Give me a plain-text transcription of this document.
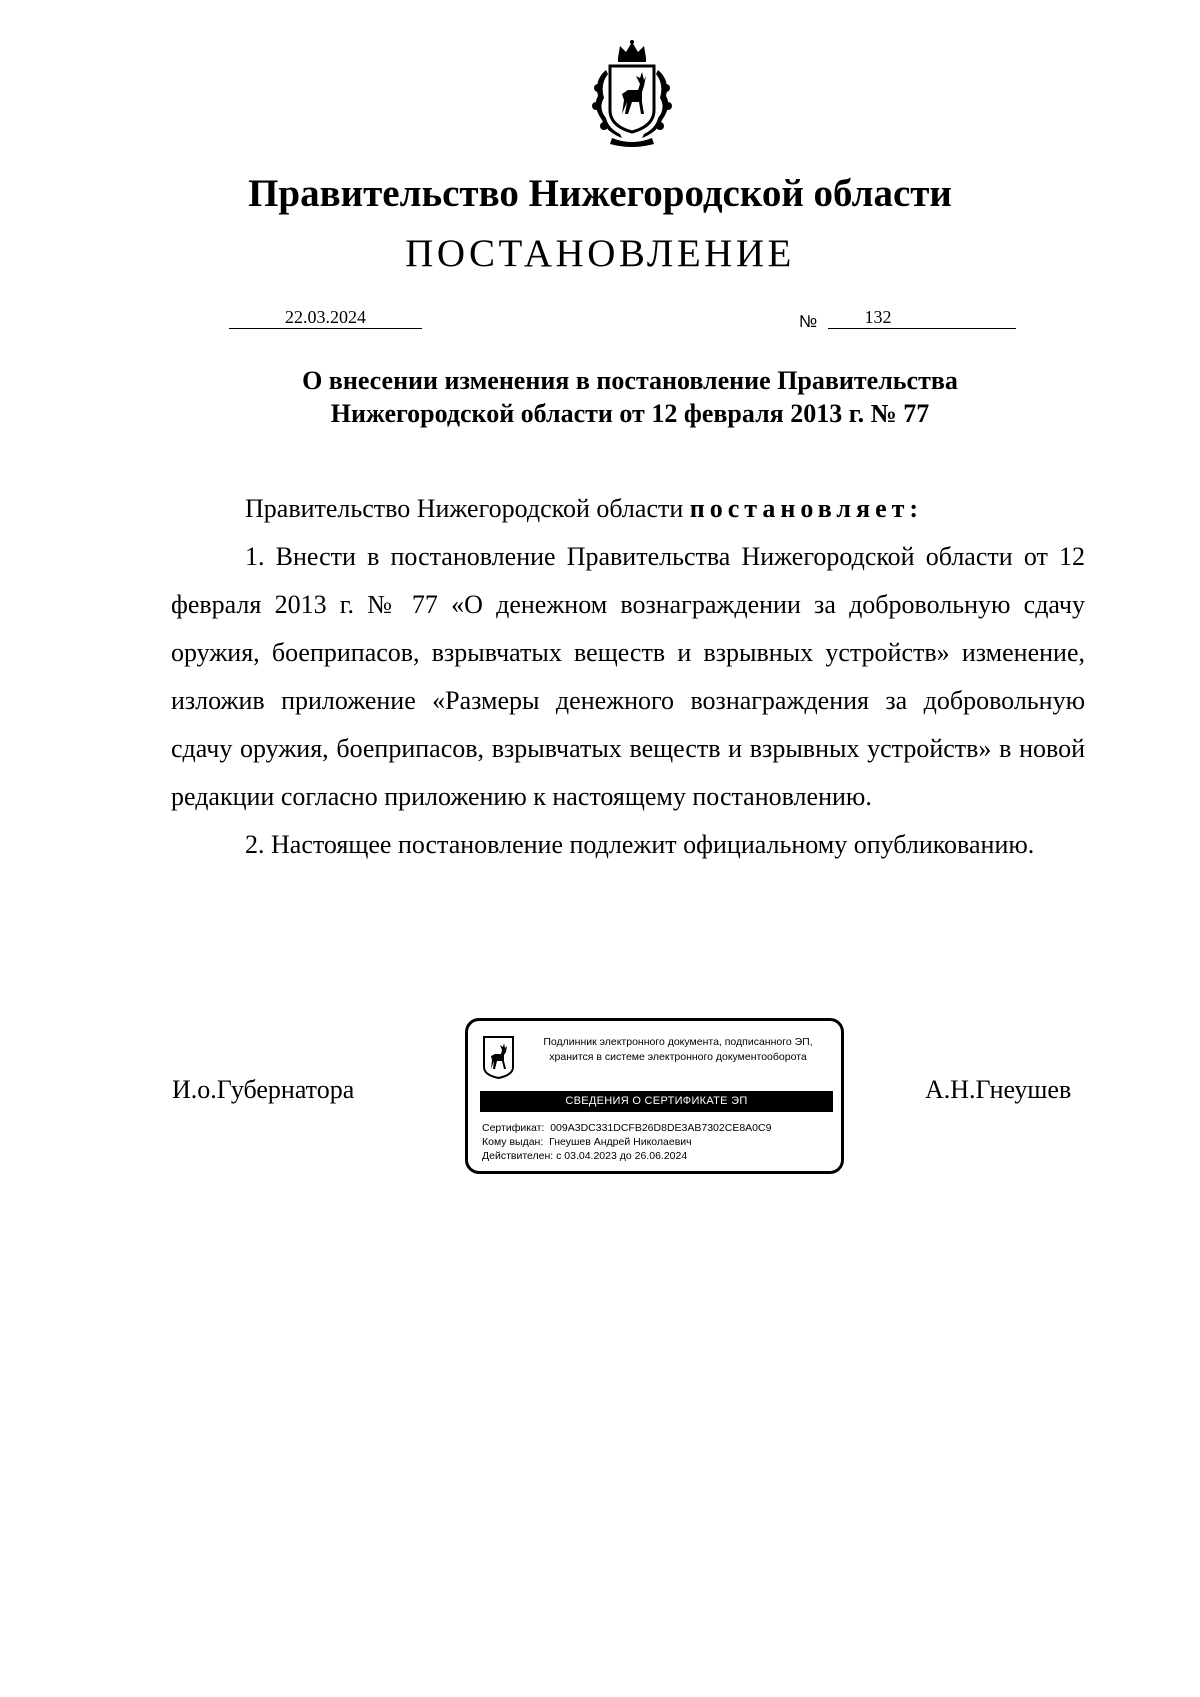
Правительство Нижегородской области
ПОСТАНОВЛЕНИЕ
22.03.2024	№	132
О внесении изменения в постановление Правительства
Нижегородской области от 12 февраля 2013 г. № 77

Правительство Нижегородской области постановляет:

1. Внести в постановление Правительства Нижегородской области от 12 февраля 2013 г. № 77 «О денежном вознаграждении за добровольную сдачу оружия, боеприпасов, взрывчатых веществ и взрывных устройств» изменение, изложив приложение «Размеры денежного вознаграждения за добровольную сдачу оружия, боеприпасов, взрывчатых веществ и взрывных устройств» в новой редакции согласно приложению к настоящему постановлению.

2. Настоящее постановление подлежит официальному опубликованию.

И.о.Губернатора	А.Н.Гнеушев
Подлинник электронного документа, подписанного ЭП,
хранится в системе электронного документооборота
СВЕДЕНИЯ О СЕРТИФИКАТЕ ЭП
Сертификат: 009A3DC331DCFB26D8DE3AB7302CE8A0C9
Кому выдан: Гнеушев Андрей Николаевич
Действителен: с 03.04.2023 до 26.06.2024
